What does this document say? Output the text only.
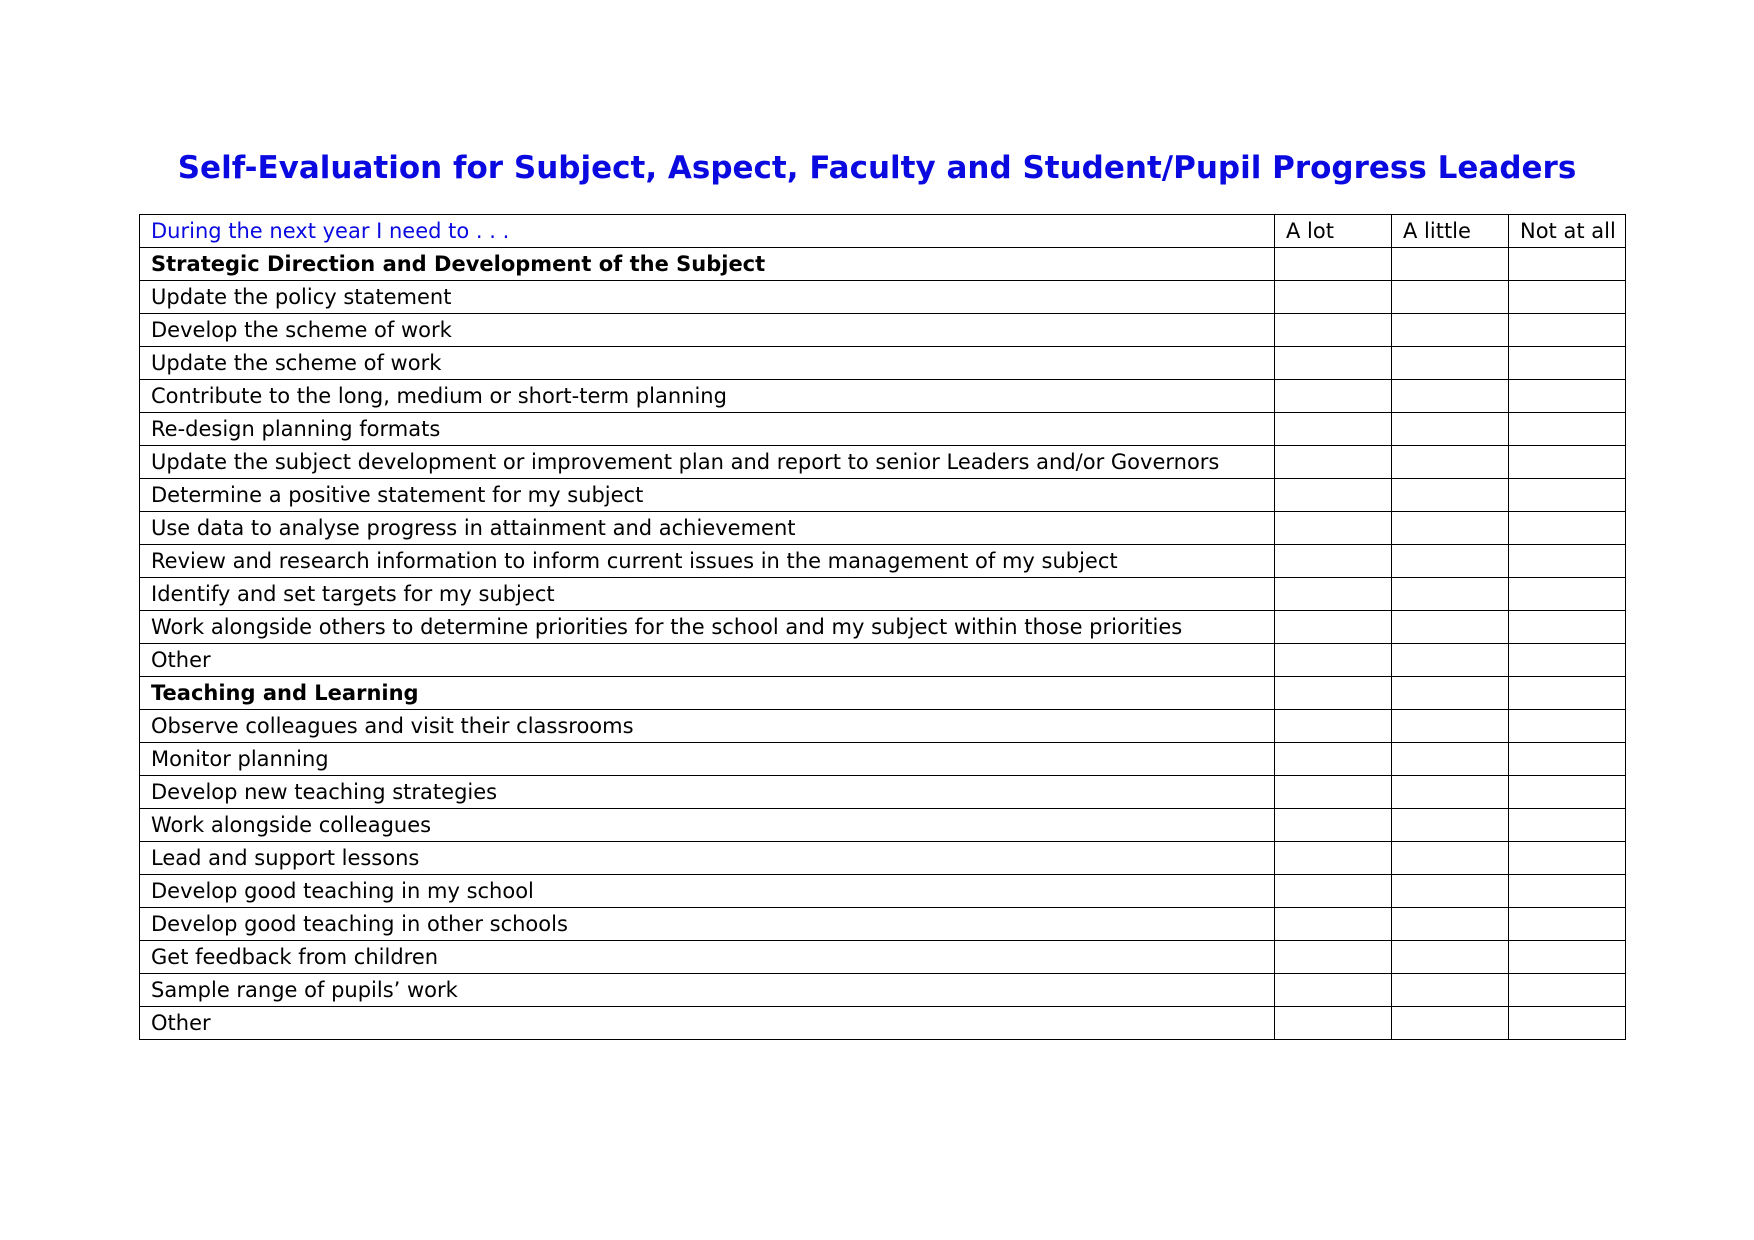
Self-Evaluation for Subject, Aspect, Faculty and Student/Pupil Progress Leaders
During the next year I need to . . .	A lot	A little	Not at all
Strategic Direction and Development of the Subject			
Update the policy statement			
Develop the scheme of work			
Update the scheme of work			
Contribute to the long, medium or short-term planning			
Re-design planning formats			
Update the subject development or improvement plan and report to senior Leaders and/or Governors			
Determine a positive statement for my subject			
Use data to analyse progress in attainment and achievement			
Review and research information to inform current issues in the management of my subject			
Identify and set targets for my subject			
Work alongside others to determine priorities for the school and my subject within those priorities			
Other			
Teaching and Learning			
Observe colleagues and visit their classrooms			
Monitor planning			
Develop new teaching strategies			
Work alongside colleagues			
Lead and support lessons			
Develop good teaching in my school			
Develop good teaching in other schools			
Get feedback from children			
Sample range of pupils’ work			
Other			
